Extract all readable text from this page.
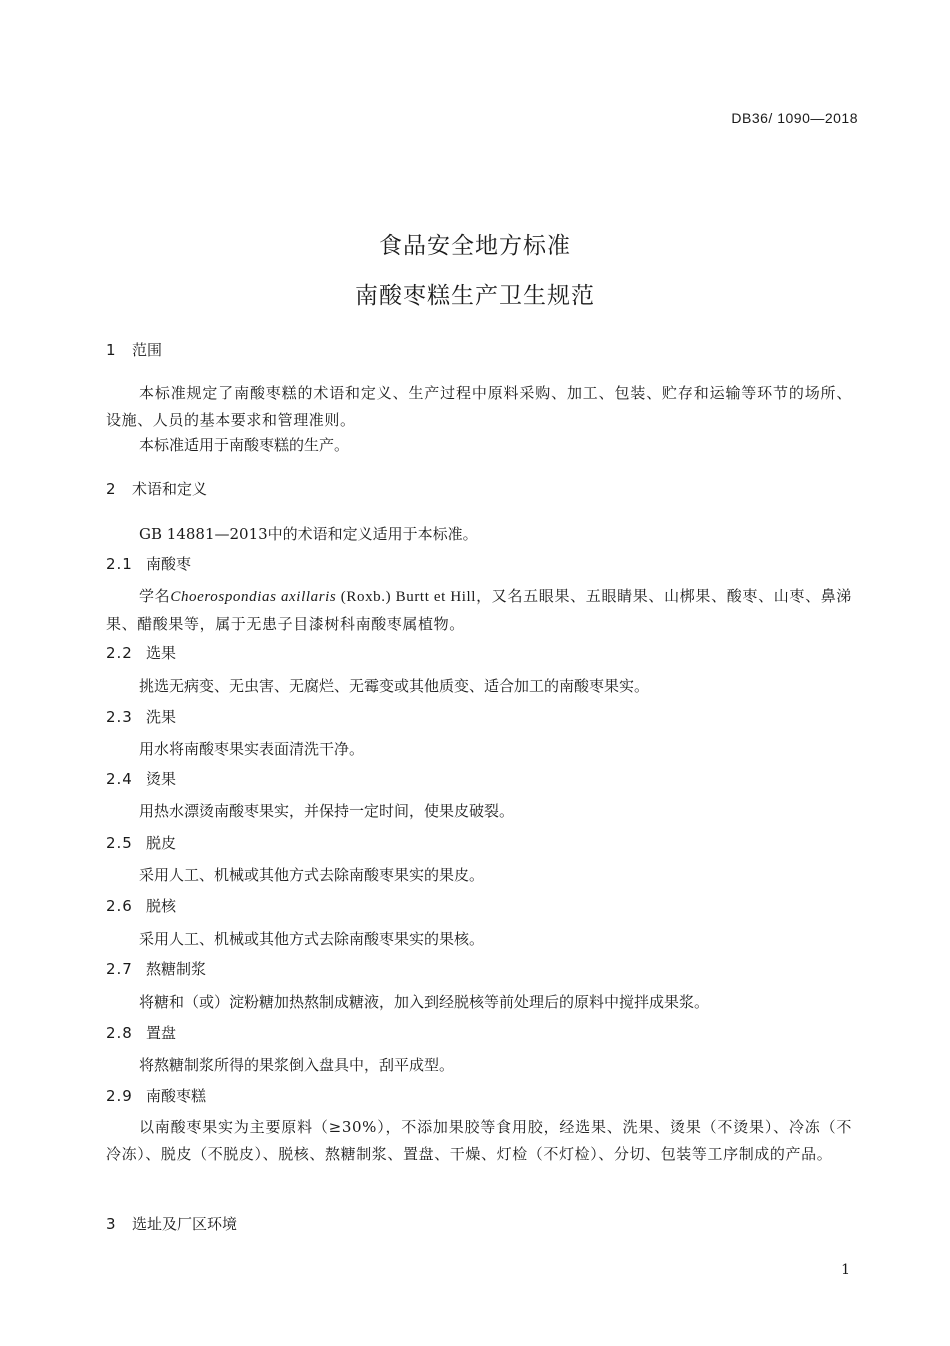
DB36/ 1090—2018
食品安全地方标准
南酸枣糕生产卫生规范
1 范围
本标准规定了南酸枣糕的术语和定义、生产过程中原料采购、加工、包装、贮存和运输等环节的场所、设施、人员的基本要求和管理准则。
本标准适用于南酸枣糕的生产。
2 术语和定义
GB 14881—2013中的术语和定义适用于本标准。
2.1 南酸枣
学名Choerospondias axillaris (Roxb.) Burtt et Hill，又名五眼果、五眼睛果、山梆果、酸枣、山枣、鼻涕果、醋酸果等，属于无患子目漆树科南酸枣属植物。
2.2 选果
挑选无病变、无虫害、无腐烂、无霉变或其他质变、适合加工的南酸枣果实。
2.3 洗果
用水将南酸枣果实表面清洗干净。
2.4 烫果
用热水漂烫南酸枣果实，并保持一定时间，使果皮破裂。
2.5 脱皮
采用人工、机械或其他方式去除南酸枣果实的果皮。
2.6 脱核
采用人工、机械或其他方式去除南酸枣果实的果核。
2.7 熬糖制浆
将糖和（或）淀粉糖加热熬制成糖液，加入到经脱核等前处理后的原料中搅拌成果浆。
2.8 置盘
将熬糖制浆所得的果浆倒入盘具中，刮平成型。
2.9 南酸枣糕
以南酸枣果实为主要原料（≥30%），不添加果胶等食用胶，经选果、洗果、烫果（不烫果）、冷冻（不冷冻）、脱皮（不脱皮）、脱核、熬糖制浆、置盘、干燥、灯检（不灯检）、分切、包装等工序制成的产品。
3 选址及厂区环境
1
